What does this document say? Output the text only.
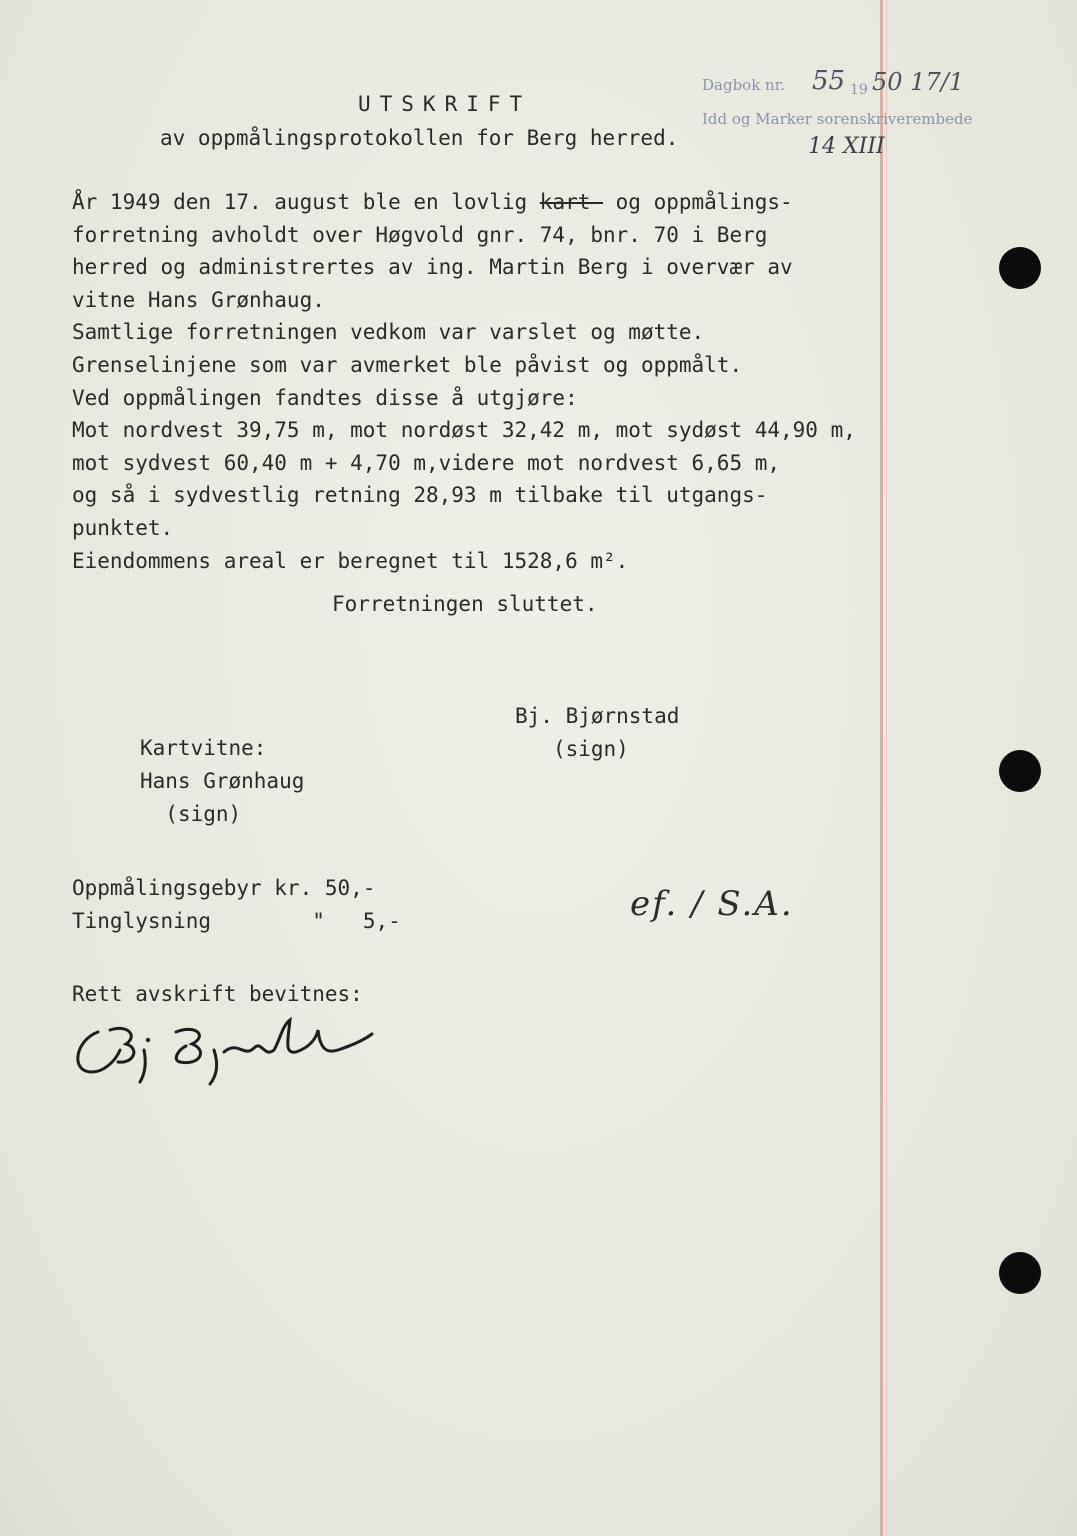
Dagbok nr. 55 19 50 17/1
Idd og Marker sorenskriverembede
14 XIII
UTSKRIFT
av oppmålingsprotokollen for Berg herred.
År 1949 den 17. august ble en lovlig kart- og oppmålings-
forretning avholdt over Høgvold gnr. 74, bnr. 70 i Berg
herred og administrertes av ing. Martin Berg i overvær av
vitne Hans Grønhaug.
Samtlige forretningen vedkom var varslet og møtte.
Grenselinjene som var avmerket ble påvist og oppmålt.
Ved oppmålingen fandtes disse å utgjøre:
Mot nordvest 39,75 m, mot nordøst 32,42 m, mot sydøst 44,90 m,
mot sydvest 60,40 m + 4,70 m,videre mot nordvest 6,65 m,
og så i sydvestlig retning 28,93 m tilbake til utgangs-
punktet.
Eiendommens areal er beregnet til 1528,6 m².
Forretningen sluttet.
Bj. Bjørnstad
(sign)
Kartvitne:
Hans Grønhaug
(sign)
Oppmålingsgebyr kr. 50,-
Tinglysning	" 5,-	ef. / S.A.
Rett avskrift bevitnes:
